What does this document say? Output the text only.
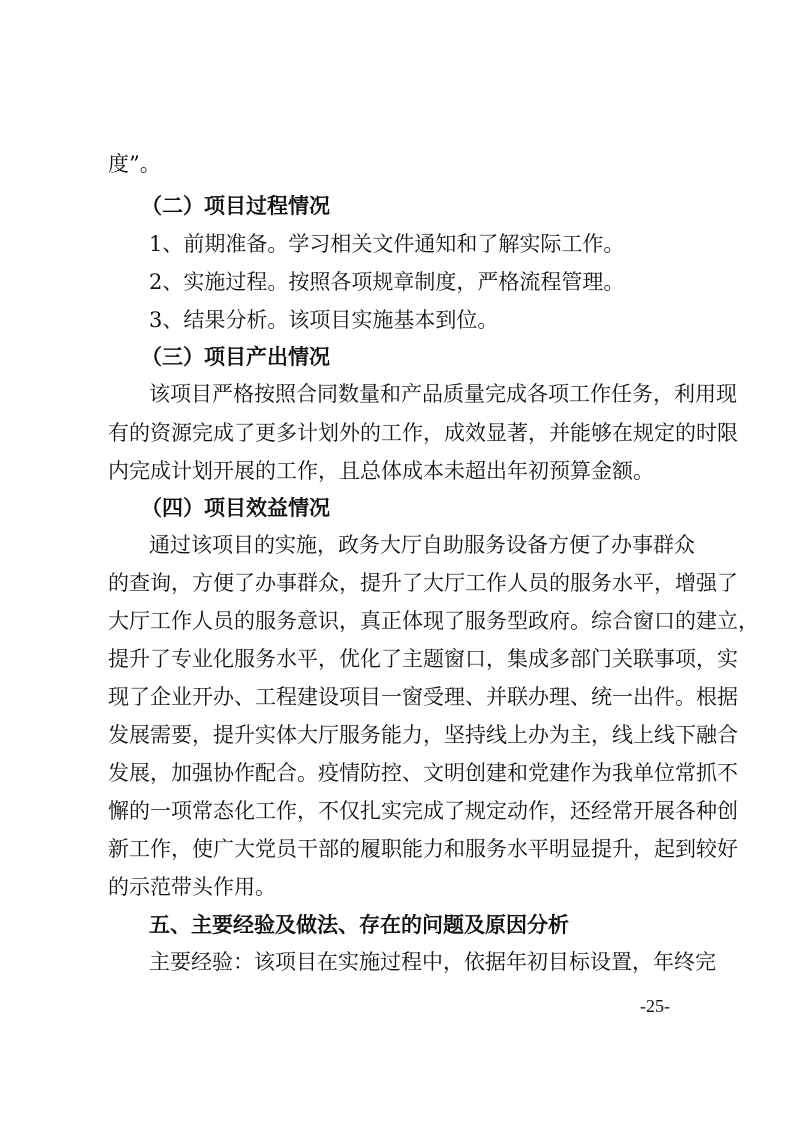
度”。
（二）项目过程情况
1、前期准备。学习相关文件通知和了解实际工作。
2、实施过程。按照各项规章制度，严格流程管理。
3、结果分析。该项目实施基本到位。
（三）项目产出情况
该项目严格按照合同数量和产品质量完成各项工作任务，利用现
有的资源完成了更多计划外的工作，成效显著，并能够在规定的时限
内完成计划开展的工作，且总体成本未超出年初预算金额。
（四）项目效益情况
通过该项目的实施，政务大厅自助服务设备方便了办事群众
的查询，方便了办事群众，提升了大厅工作人员的服务水平，增强了
大厅工作人员的服务意识，真正体现了服务型政府。综合窗口的建立，
提升了专业化服务水平，优化了主题窗口，集成多部门关联事项，实
现了企业开办、工程建设项目一窗受理、并联办理、统一出件。根据
发展需要，提升实体大厅服务能力，坚持线上办为主，线上线下融合
发展，加强协作配合。疫情防控、文明创建和党建作为我单位常抓不
懈的一项常态化工作，不仅扎实完成了规定动作，还经常开展各种创
新工作，使广大党员干部的履职能力和服务水平明显提升，起到较好
的示范带头作用。
五、主要经验及做法、存在的问题及原因分析
主要经验：该项目在实施过程中，依据年初目标设置，年终完
-25-
